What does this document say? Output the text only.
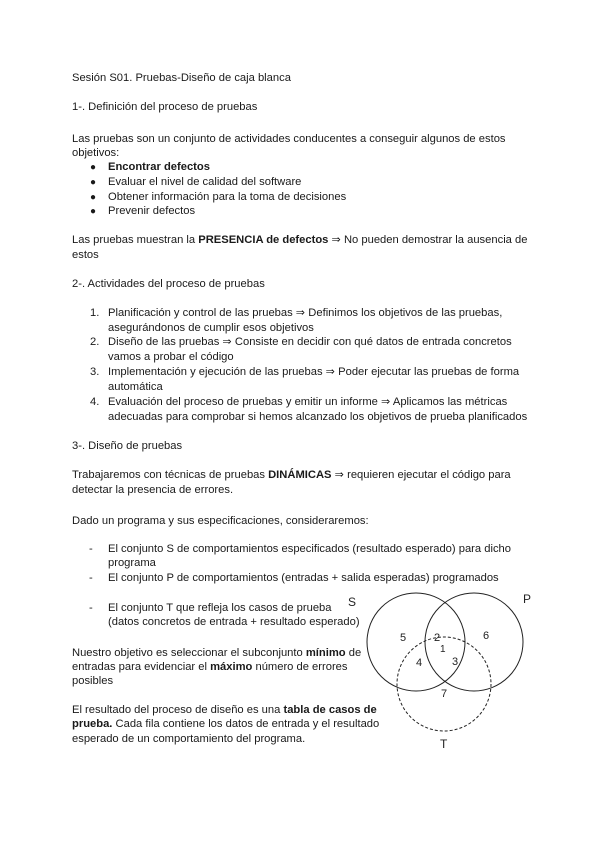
Sesión S01. Pruebas-Diseño de caja blanca
1-. Definición del proceso de pruebas
Las pruebas son un conjunto de actividades conducentes a conseguir algunos de estos
objetivos:
● Encontrar defectos
● Evaluar el nivel de calidad del software
● Obtener información para la toma de decisiones
● Prevenir defectos
Las pruebas muestran la PRESENCIA de defectos ⇒ No pueden demostrar la ausencia de
estos
2-. Actividades del proceso de pruebas
1. Planificación y control de las pruebas ⇒ Definimos los objetivos de las pruebas,
asegurándonos de cumplir esos objetivos
2. Diseño de las pruebas ⇒ Consiste en decidir con qué datos de entrada concretos
vamos a probar el código
3. Implementación y ejecución de las pruebas ⇒ Poder ejecutar las pruebas de forma
automática
4. Evaluación del proceso de pruebas y emitir un informe ⇒ Aplicamos las métricas
adecuadas para comprobar si hemos alcanzado los objetivos de prueba planificados
3-. Diseño de pruebas
Trabajaremos con técnicas de pruebas DINÁMICAS ⇒ requieren ejecutar el código para
detectar la presencia de errores.
Dado un programa y sus especificaciones, consideraremos:
- El conjunto S de comportamientos especificados (resultado esperado) para dicho
programa
- El conjunto P de comportamientos (entradas + salida esperadas) programados
- El conjunto T que refleja los casos de prueba
(datos concretos de entrada + resultado esperado)
Nuestro objetivo es seleccionar el subconjunto mínimo de
entradas para evidenciar el máximo número de errores
posibles
El resultado del proceso de diseño es una tabla de casos de
prueba. Cada fila contiene los datos de entrada y el resultado
esperado de un comportamiento del programa.
S	P
T
5	2	6
1
4	3
7
